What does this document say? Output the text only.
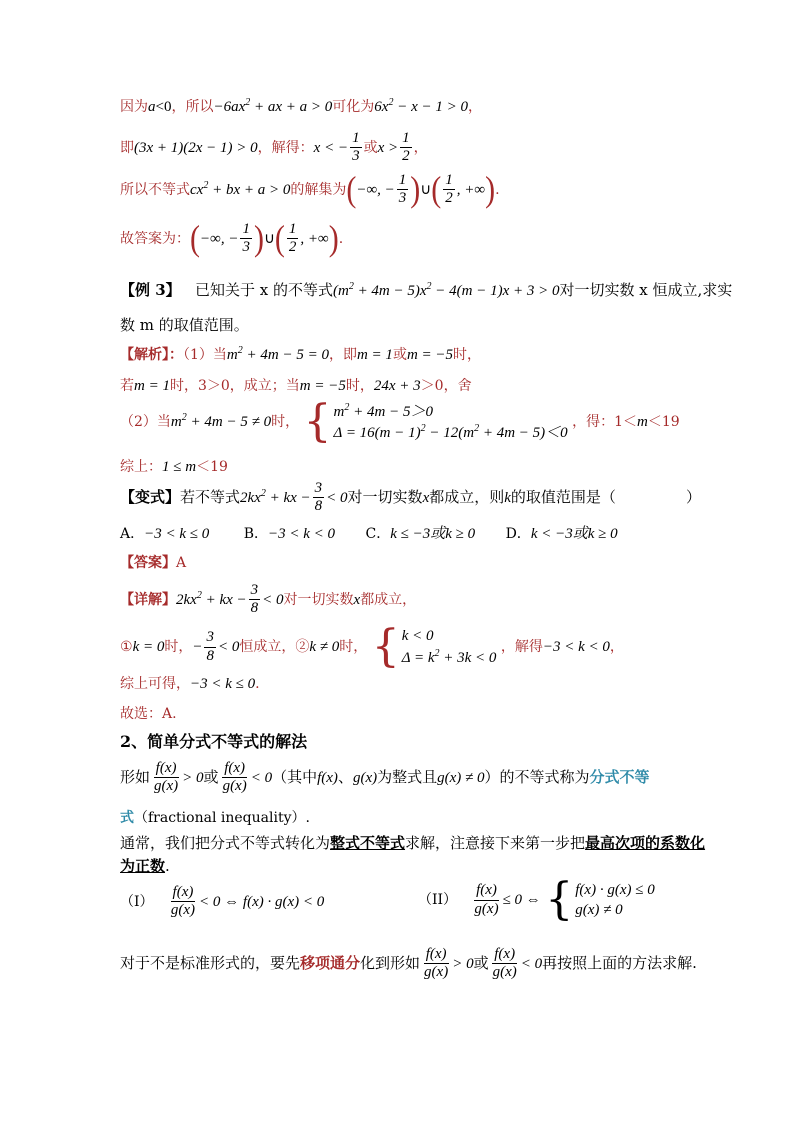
因为a<0，所以$-6ax^2$ + ax + a > 0可化为$6x^2 - x - 1 > 0$，
即(3x + 1)(2x − 1) > 0，解得：x < − $\frac{1}{3}$ 或$x > \frac{1}{2}$ ，
所以不等式$cx^2$ + bx + a > 0的解集为(−∞, − $\frac{1}{3}$ )∪( $\frac{1}{2}$ , +∞).
故答案为：(−∞, − $\frac{1}{3}$ )∪( $\frac{1}{2}$ , +∞).
【例 3】 已知关于 x 的不等式$(m^2 + 4m - 5)x^2 - 4(m - 1)x + 3 > 0$对一切实数 x 恒成立,求实
数 m 的取值范围。
【解析】：（1）当$m^2 + 4m - 5 = 0$，即m = 1或m = −5时，
若m = 1时，3＞0，成立；当m = −5时，24x + 3＞0，舍
（2）当$m^2 + 4m - 5 \ne 0$时， { $m^2 + 4m - 5>0$
$\Delta = 16(m - 1)^2 - 12(m^2 + 4m - 5)<0$
，得：1＜m＜19
综上：1 ≤ m＜19
【变式】若不等式$2kx^2$ + kx − $\frac{3}{8} < 0$对一切实数x都成立，则k的取值范围是（	）
A．−3 < k ≤ 0 B．−3 < k < 0 C．k ≤ −3或k ≥ 0 D．k < −3或k ≥ 0
【答案】A
【详解】$2kx^2$ + kx − $\frac{3}{8} < 0$对一切实数x都成立，
①k = 0时，− $\frac{3}{8} < 0$恒成立，②k ≠ 0时， { k < 0
$\Delta = k^2 + 3k < 0$
，解得−3 < k < 0，
综上可得，−3 < k ≤ 0.
故选：A.
2、简单分式不等式的解法
形如 $\frac{f(x)}{g(x)} > 0$或 $\frac{f(x)}{g(x)} < 0$（其中f(x)、g(x)为整式且g(x) ≠ 0）的不等式称为分式不等
式（fractional inequality）.
通常，我们把分式不等式转化为整式不等式求解，注意接下来第一步把最高次项的系数化
为正数.
$(I) \frac{f(x)}{g(x)} < 0$ ⇔ f(x) · g(x) < 0	$(II) \frac{f(x)}{g(x)} \le 0$ ⇔ { f(x) · g(x) ≤ 0
g(x) ≠ 0
对于不是标准形式的，要先移项通分化到形如 $\frac{f(x)}{g(x)} > 0$或 $\frac{f(x)}{g(x)} < 0$再按照上面的方法求解.
